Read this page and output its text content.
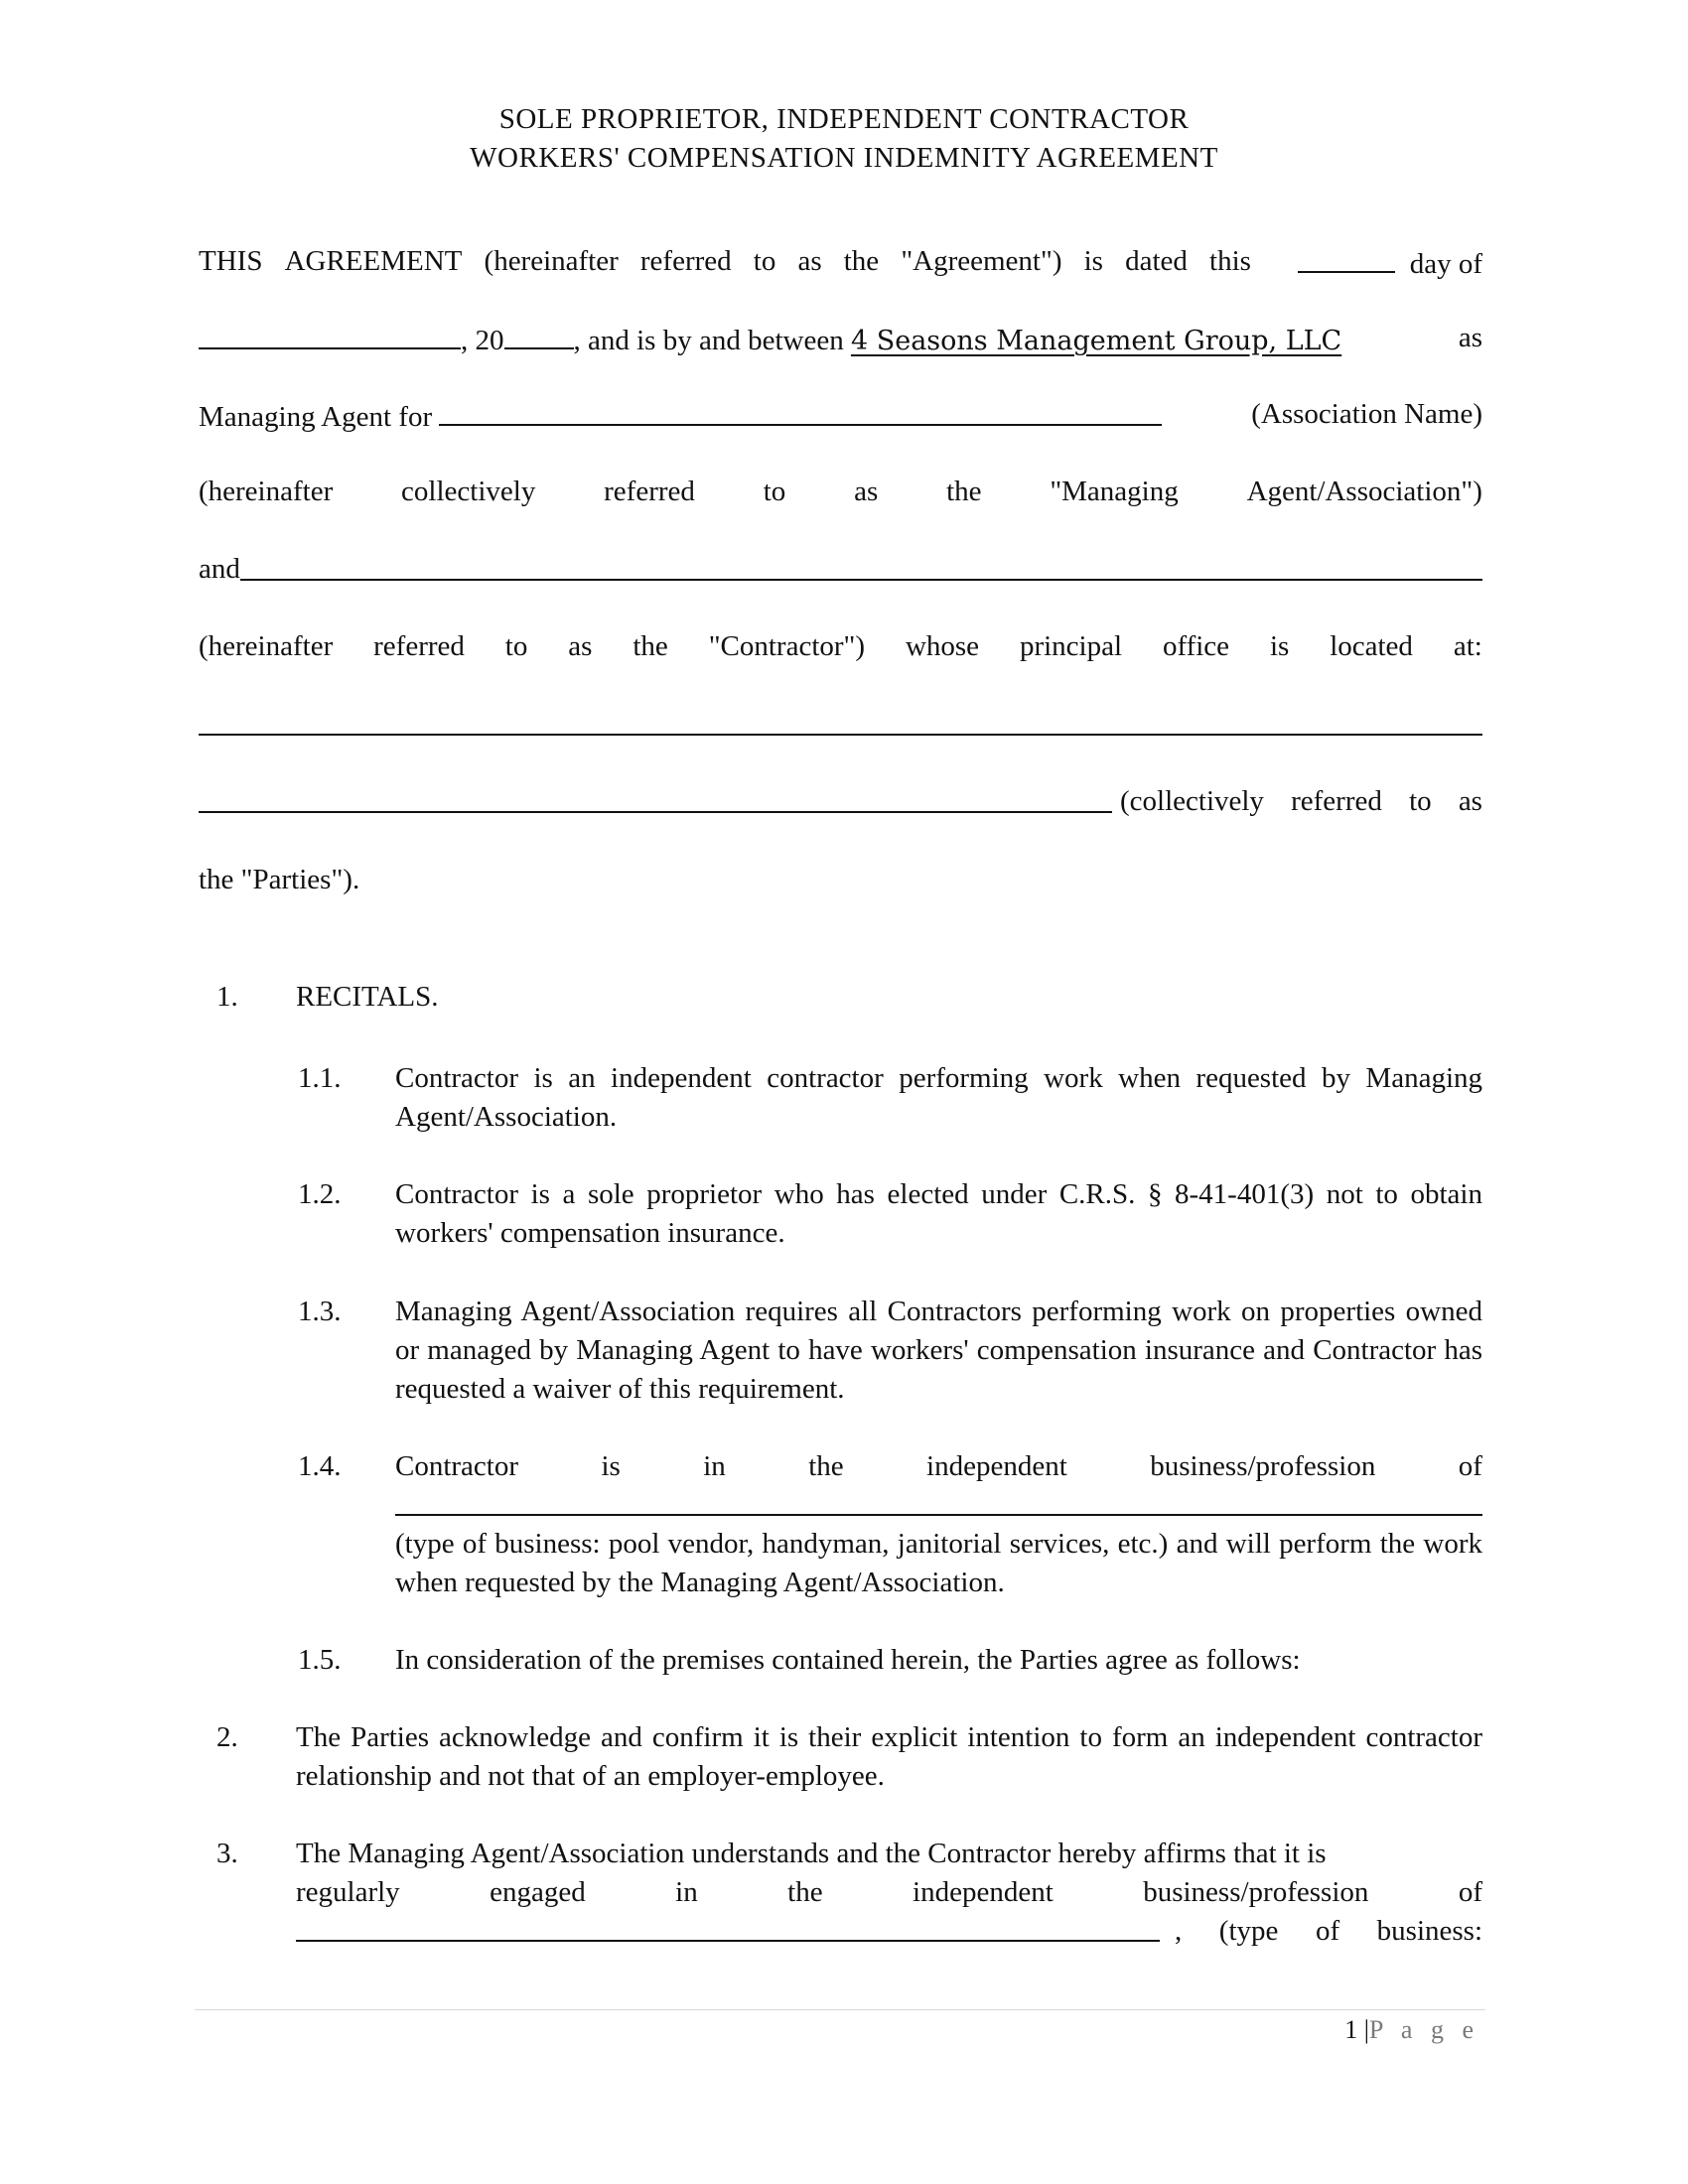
SOLE PROPRIETOR, INDEPENDENT CONTRACTOR
WORKERS' COMPENSATION INDEMNITY AGREEMENT
THIS AGREEMENT (hereinafter referred to as the "Agreement") is dated this	day of
, 20 , and is by and between 4 Seasons Management Group, LLC	as
Managing Agent for	(Association Name)
(hereinafter collectively referred to as the "Managing Agent/Association")
and
(hereinafter referred to as the "Contractor") whose principal office is located at:
(collectively referred to as
the "Parties").
1. RECITALS.
1.1. Contractor is an independent contractor performing work when requested by Managing Agent/Association.
1.2. Contractor is a sole proprietor who has elected under C.R.S. § 8-41-401(3) not to obtain workers' compensation insurance.
1.3. Managing Agent/Association requires all Contractors performing work on properties owned or managed by Managing Agent to have workers' compensation insurance and Contractor has requested a waiver of this requirement.
1.4. Contractor	is	in	the	independent	business/profession	of
(type of business: pool vendor, handyman, janitorial services, etc.) and will perform the work when requested by the Managing Agent/Association.
1.5. In consideration of the premises contained herein, the Parties agree as follows:
2. The Parties acknowledge and confirm it is their explicit intention to form an independent contractor relationship and not that of an employer-employee.
3. The Managing Agent/Association understands and the Contractor hereby affirms that it is
regularly	engaged	in	the	independent	business/profession	of
, (type of business:
1 |P a g e
